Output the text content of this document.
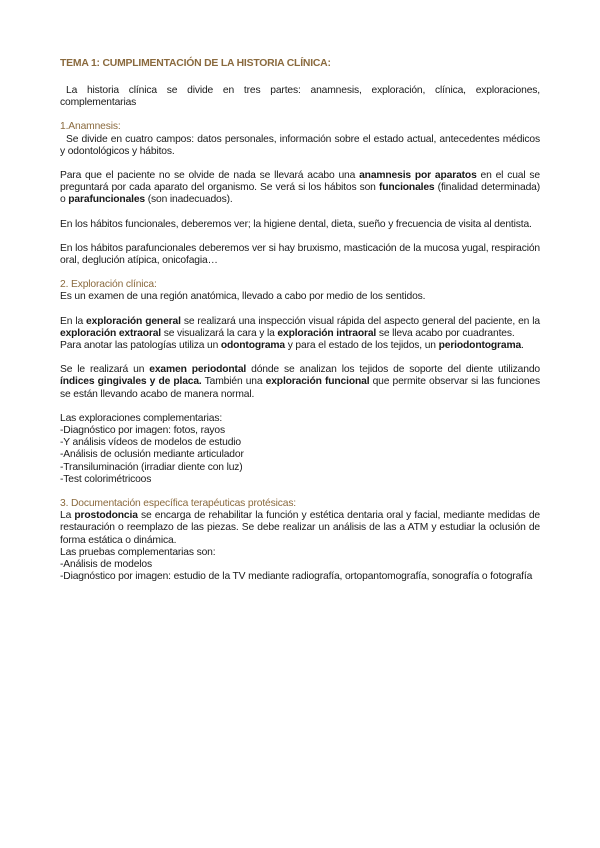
TEMA 1: CUMPLIMENTACIÓN DE LA HISTORIA CLÍNICA:

La historia clínica se divide en tres partes: anamnesis, exploración, clínica, exploraciones, complementarias

1.Anamnesis:

Se divide en cuatro campos: datos personales, información sobre el estado actual, antecedentes médicos y odontológicos y hábitos.

Para que el paciente no se olvide de nada se llevará acabo una anamnesis por aparatos en el cual se preguntará por cada aparato del organismo. Se verá si los hábitos son funcionales (finalidad determinada) o parafuncionales (son inadecuados).

En los hábitos funcionales, deberemos ver; la higiene dental, dieta, sueño y frecuencia de visita al dentista.

En los hábitos parafuncionales deberemos ver si hay bruxismo, masticación de la mucosa yugal, respiración oral, deglución atípica, onicofagia…

2. Exploración clínica:

Es un examen de una región anatómica, llevado a cabo por medio de los sentidos.

En la exploración general se realizará una inspección visual rápida del aspecto general del paciente, en la exploración extraoral se visualizará la cara y la exploración intraoral se lleva acabo por cuadrantes.

Para anotar las patologías utiliza un odontograma y para el estado de los tejidos, un periodontograma.

Se le realizará un examen periodontal dónde se analizan los tejidos de soporte del diente utilizando índices gingivales y de placa. También una exploración funcional que permite observar si las funciones se están llevando acabo de manera normal.

Las exploraciones complementarias:

-Diagnóstico por imagen: fotos, rayos

-Y análisis vídeos de modelos de estudio

-Análisis de oclusión mediante articulador

-Transiluminación (irradiar diente con luz)

-Test colorimétricoos

3. Documentación específica terapéuticas protésicas:

La prostodoncia se encarga de rehabilitar la función y estética dentaria oral y facial, mediante medidas de restauración o reemplazo de las piezas. Se debe realizar un análisis de las a ATM y estudiar la oclusión de forma estática o dinámica.

Las pruebas complementarias son:

-Análisis de modelos

-Diagnóstico por imagen: estudio de la TV mediante radiografía, ortopantomografía, sonografía o fotografía
